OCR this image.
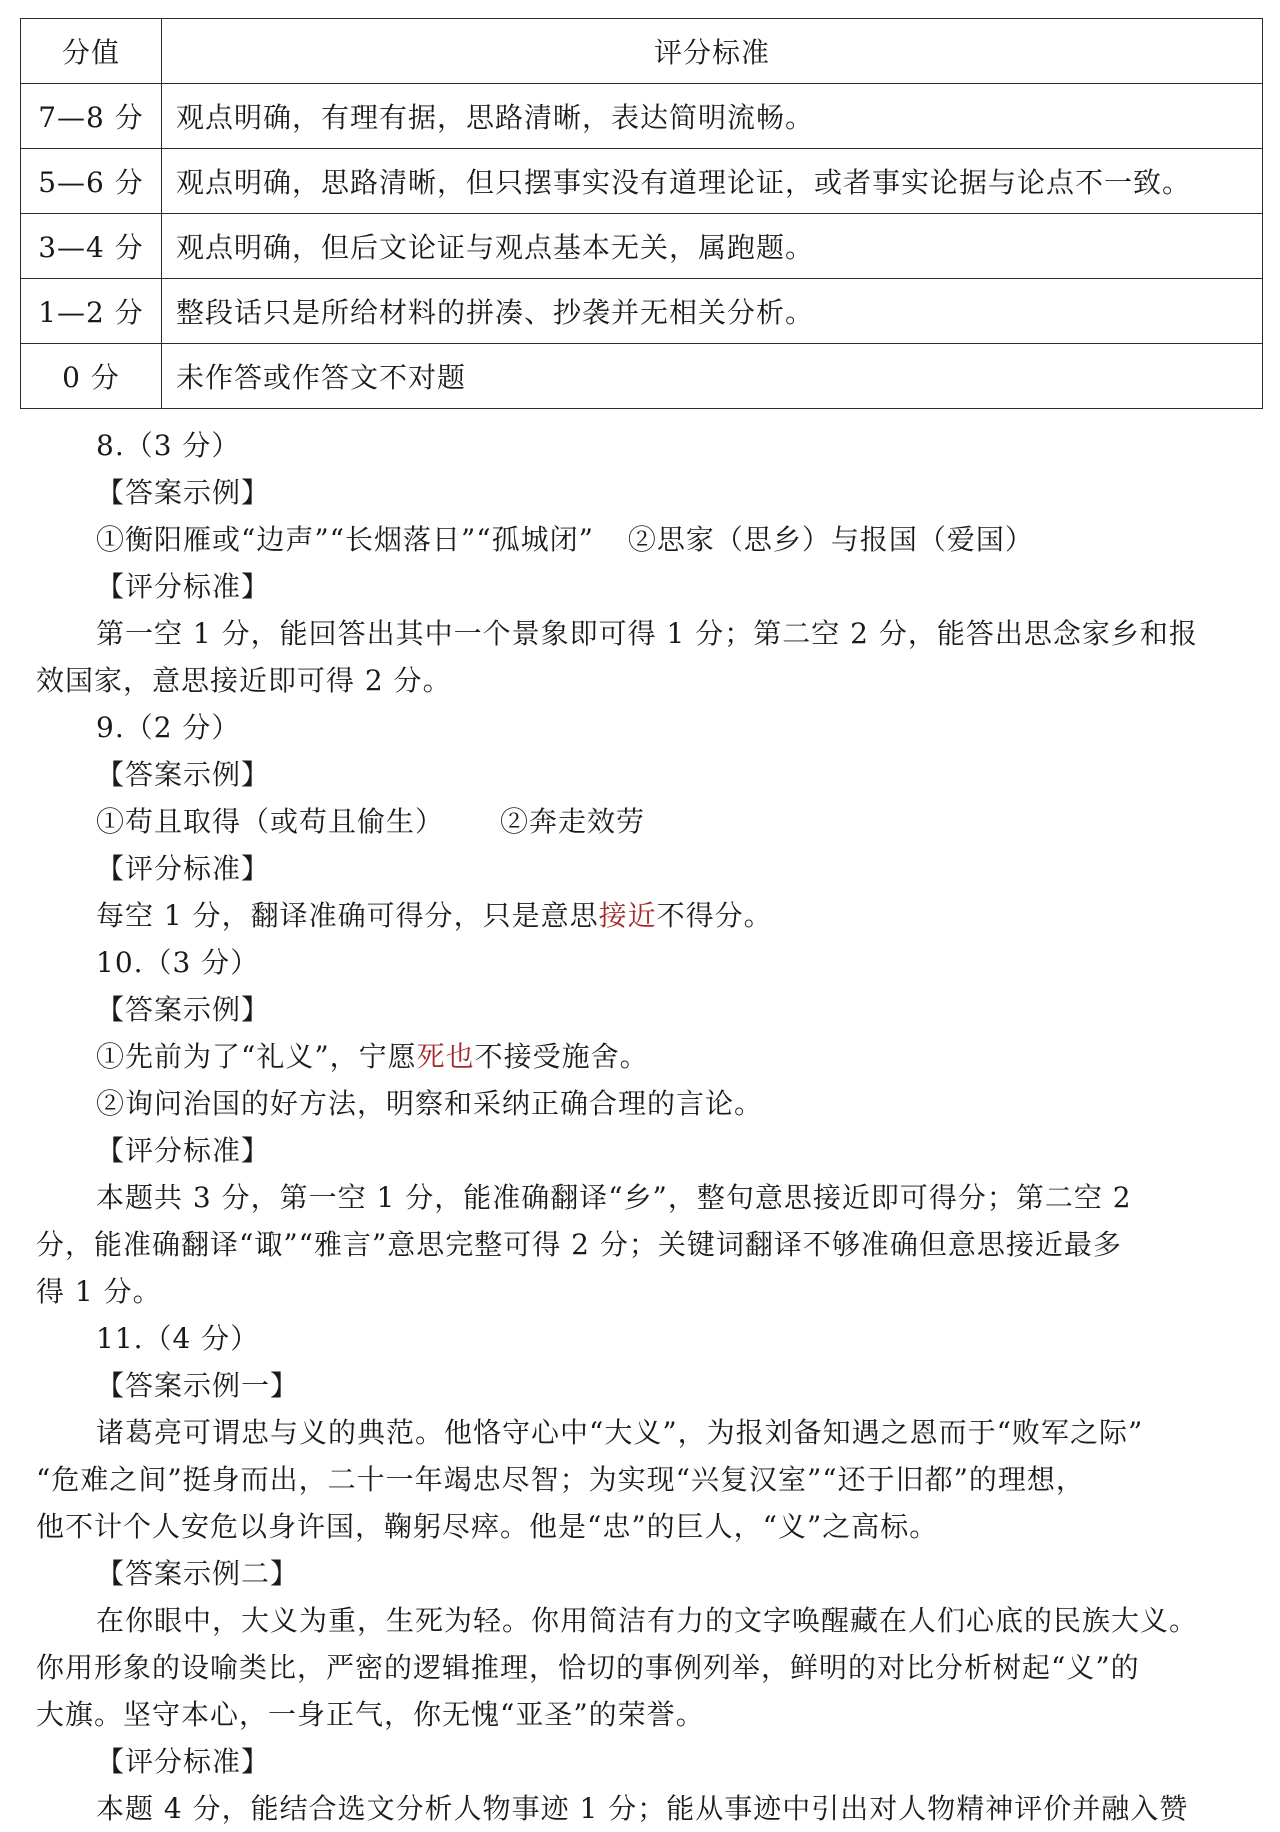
分值	评分标准
7—8 分	观点明确，有理有据，思路清晰，表达简明流畅。
5—6 分	观点明确，思路清晰，但只摆事实没有道理论证，或者事实论据与论点不一致。
3—4 分	观点明确，但后文论证与观点基本无关，属跑题。
1—2 分	整段话只是所给材料的拼凑、抄袭并无相关分析。
0 分	未作答或作答文不对题
8.（3 分）
【答案示例】
①衡阳雁或“边声”“长烟落日”“孤城闭” ②思家（思乡）与报国（爱国）
【评分标准】
第一空 1 分，能回答出其中一个景象即可得 1 分；第二空 2 分，能答出思念家乡和报
效国家，意思接近即可得 2 分。
9.（2 分）
【答案示例】
①苟且取得（或苟且偷生） ②奔走效劳
【评分标准】
每空 1 分，翻译准确可得分，只是意思接近不得分。
10.（3 分）
【答案示例】
①先前为了“礼义”，宁愿死也不接受施舍。
②询问治国的好方法，明察和采纳正确合理的言论。
【评分标准】
本题共 3 分，第一空 1 分，能准确翻译“乡”，整句意思接近即可得分；第二空 2
分，能准确翻译“诹”“雅言”意思完整可得 2 分；关键词翻译不够准确但意思接近最多
得 1 分。
11.（4 分）
【答案示例一】
诸葛亮可谓忠与义的典范。他恪守心中“大义”，为报刘备知遇之恩而于“败军之际”
“危难之间”挺身而出，二十一年竭忠尽智；为实现“兴复汉室”“还于旧都”的理想，
他不计个人安危以身许国，鞠躬尽瘁。他是“忠”的巨人，“义”之高标。
【答案示例二】
在你眼中，大义为重，生死为轻。你用简洁有力的文字唤醒藏在人们心底的民族大义。
你用形象的设喻类比，严密的逻辑推理，恰切的事例列举，鲜明的对比分析树起“义”的
大旗。坚守本心，一身正气，你无愧“亚圣”的荣誉。
【评分标准】
本题 4 分，能结合选文分析人物事迹 1 分；能从事迹中引出对人物精神评价并融入赞
